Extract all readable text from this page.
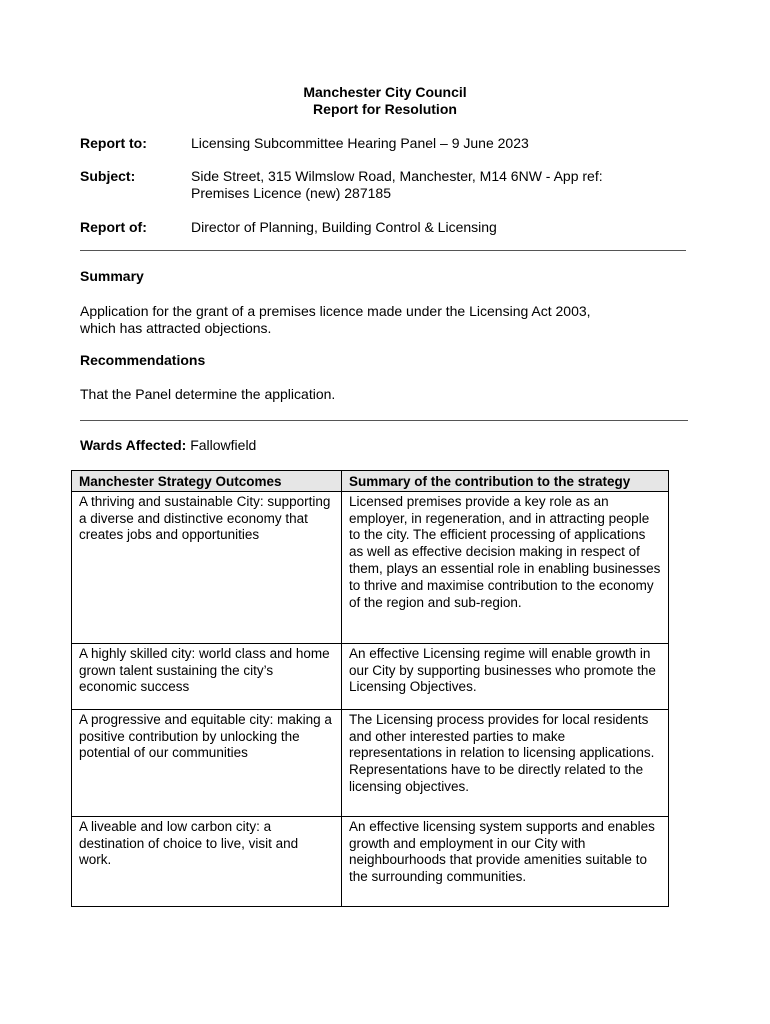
Manchester City Council
Report for Resolution
Report to:	Licensing Subcommittee Hearing Panel – 9 June 2023
Subject:	Side Street, 315 Wilmslow Road, Manchester, M14 6NW - App ref:
Premises Licence (new) 287185
Report of:	Director of Planning, Building Control & Licensing
Summary
Application for the grant of a premises licence made under the Licensing Act 2003,
which has attracted objections.
Recommendations
That the Panel determine the application.
Wards Affected: Fallowfield
Manchester Strategy Outcomes	Summary of the contribution to the strategy
A thriving and sustainable City: supporting a diverse and distinctive economy that creates jobs and opportunities	Licensed premises provide a key role as an employer, in regeneration, and in attracting people to the city. The efficient processing of applications as well as effective decision making in respect of them, plays an essential role in enabling businesses to thrive and maximise contribution to the economy of the region and sub-region.
A highly skilled city: world class and home grown talent sustaining the city’s economic success	An effective Licensing regime will enable growth in our City by supporting businesses who promote the Licensing Objectives.
A progressive and equitable city: making a positive contribution by unlocking the potential of our communities	The Licensing process provides for local residents and other interested parties to make representations in relation to licensing applications. Representations have to be directly related to the licensing objectives.
A liveable and low carbon city: a destination of choice to live, visit and work.	An effective licensing system supports and enables growth and employment in our City with neighbourhoods that provide amenities suitable to the surrounding communities.
